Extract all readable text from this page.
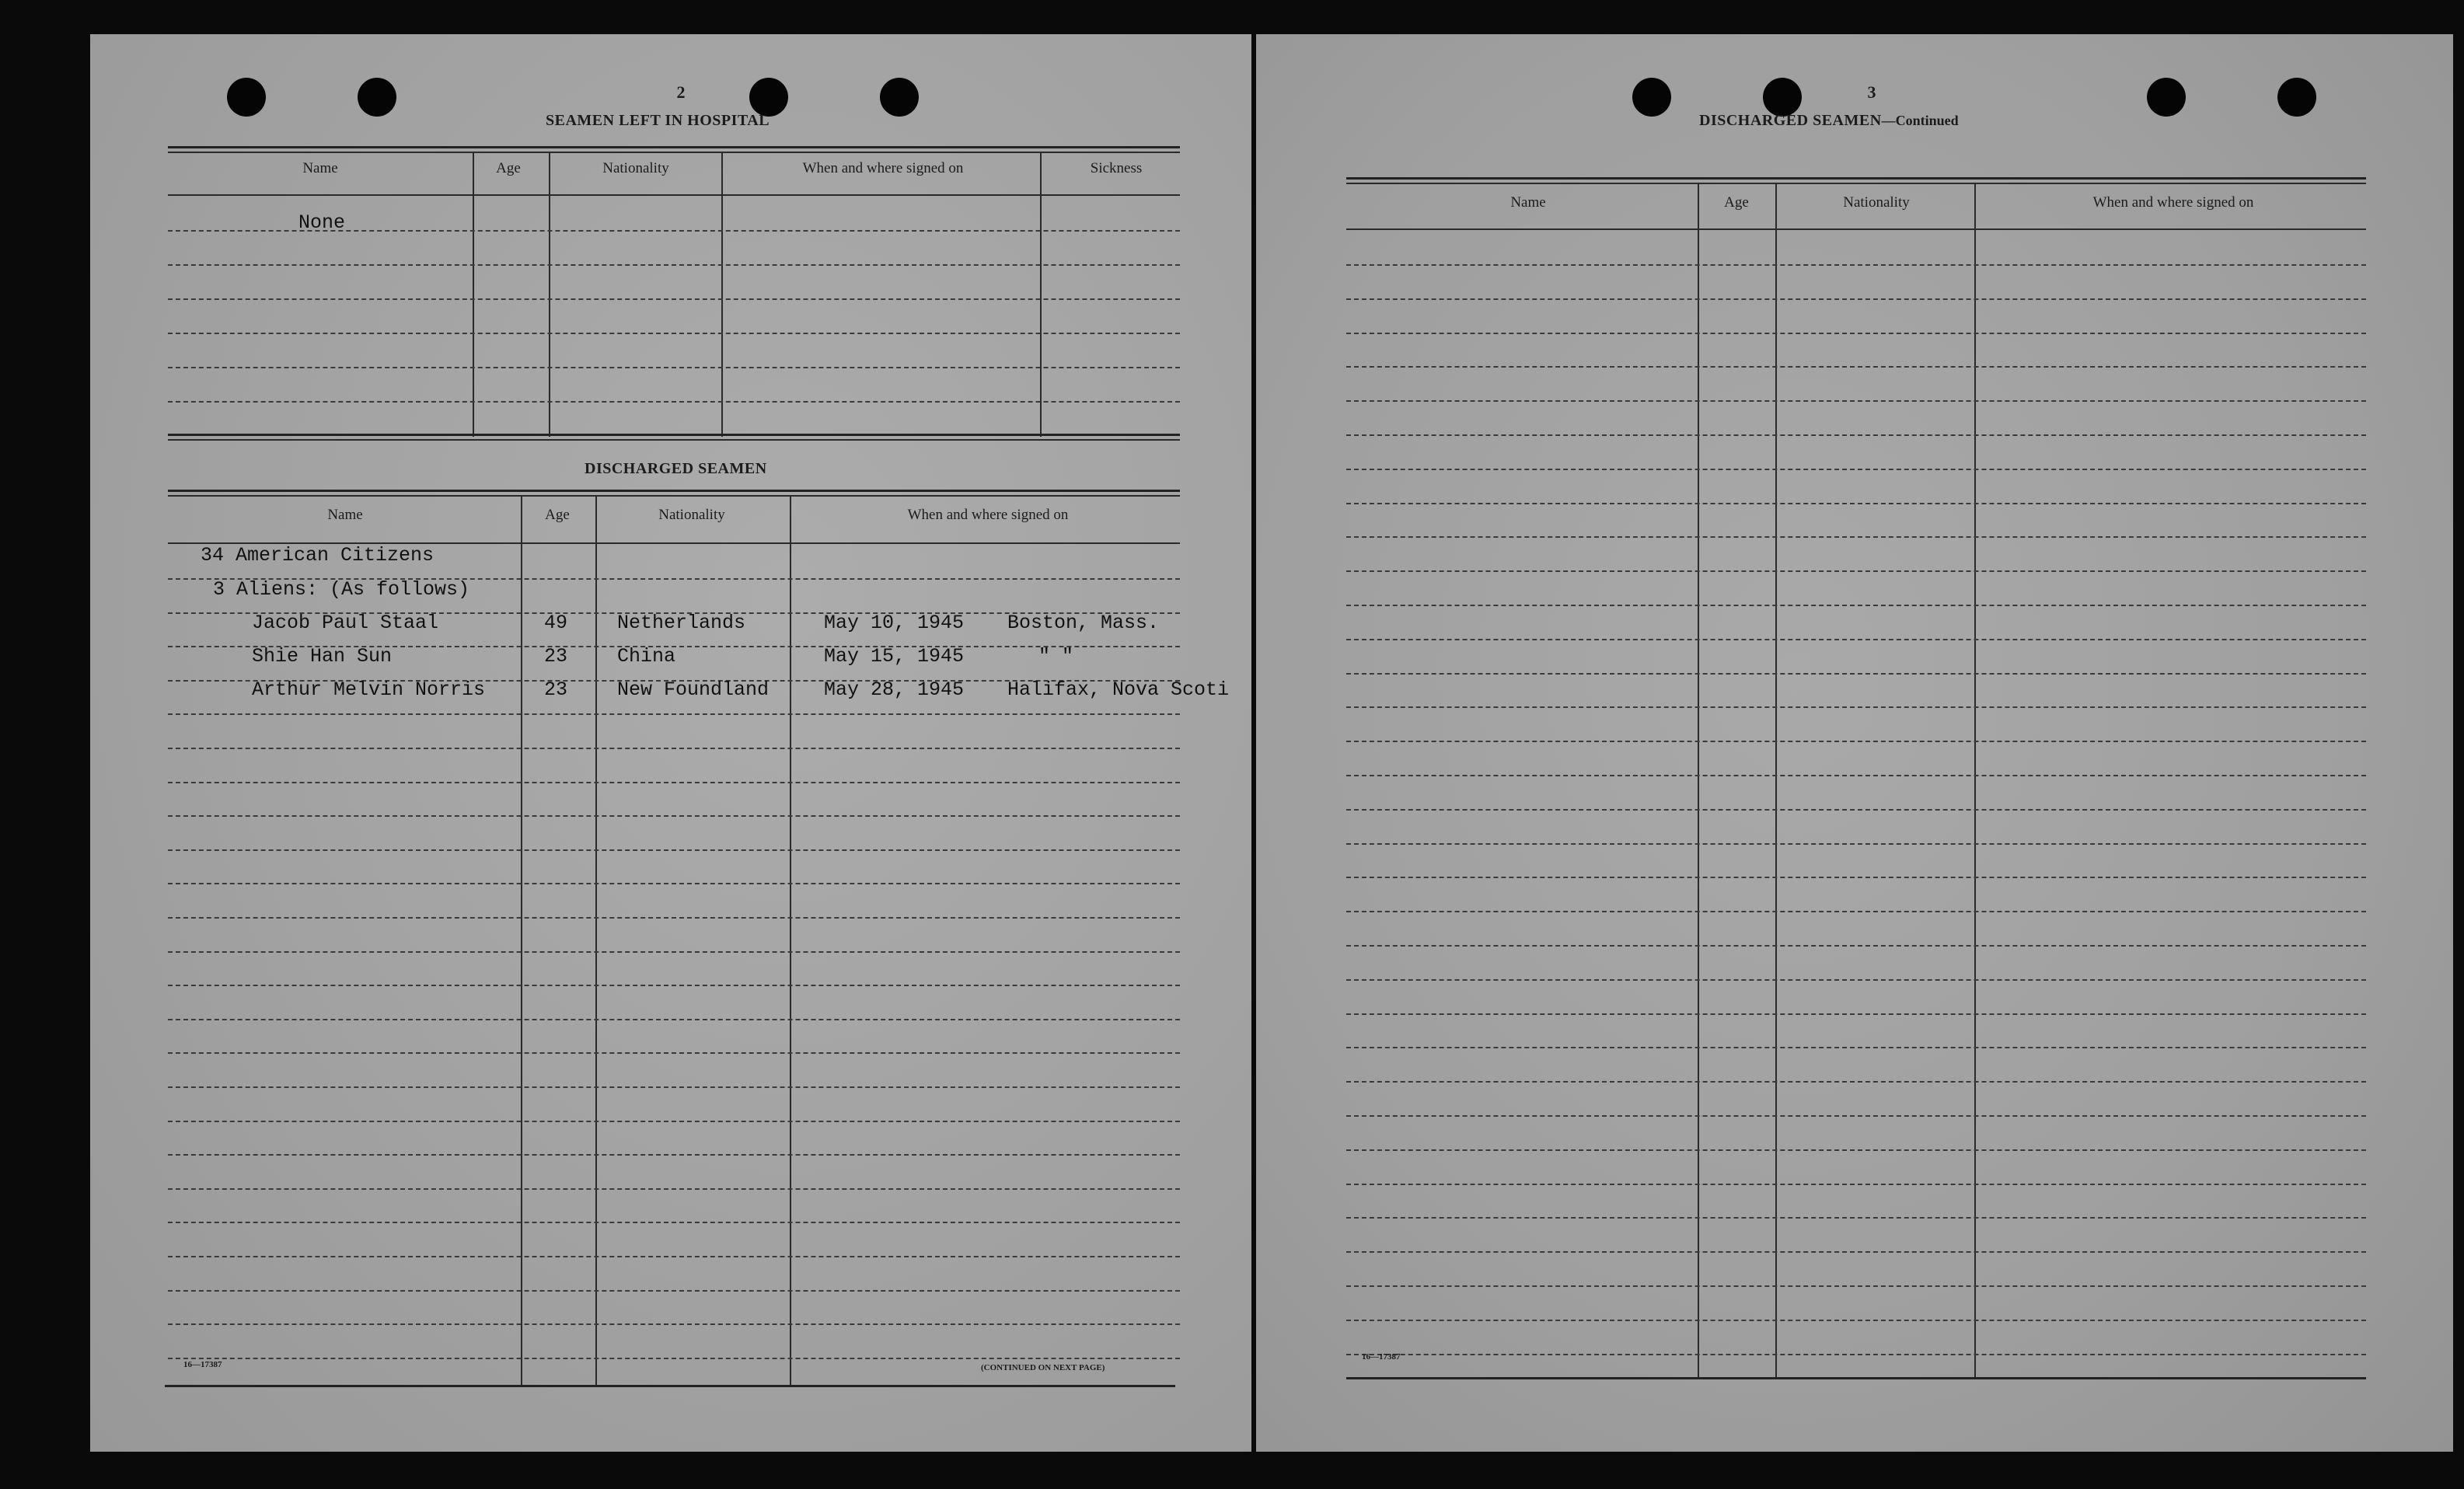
2
SEAMEN LEFT IN HOSPITAL
Name	Age	Nationality	When and where signed on	Sickness
None
DISCHARGED SEAMEN
Name	Age	Nationality	When and where signed on
34 American Citizens
3 Aliens: (As follows)
Jacob Paul Staal	49	Netherlands	May 10, 1945 Boston, Mass.
Shie Han Sun	23	China	May 15, 1945	" "
Arthur Melvin Norris	23	New Foundland	May 28, 1945 Halifax, Nova Scoti
16—17387	(CONTINUED ON NEXT PAGE)
3
DISCHARGED SEAMEN—Continued
Name	Age	Nationality	When and where signed on
16—17387
